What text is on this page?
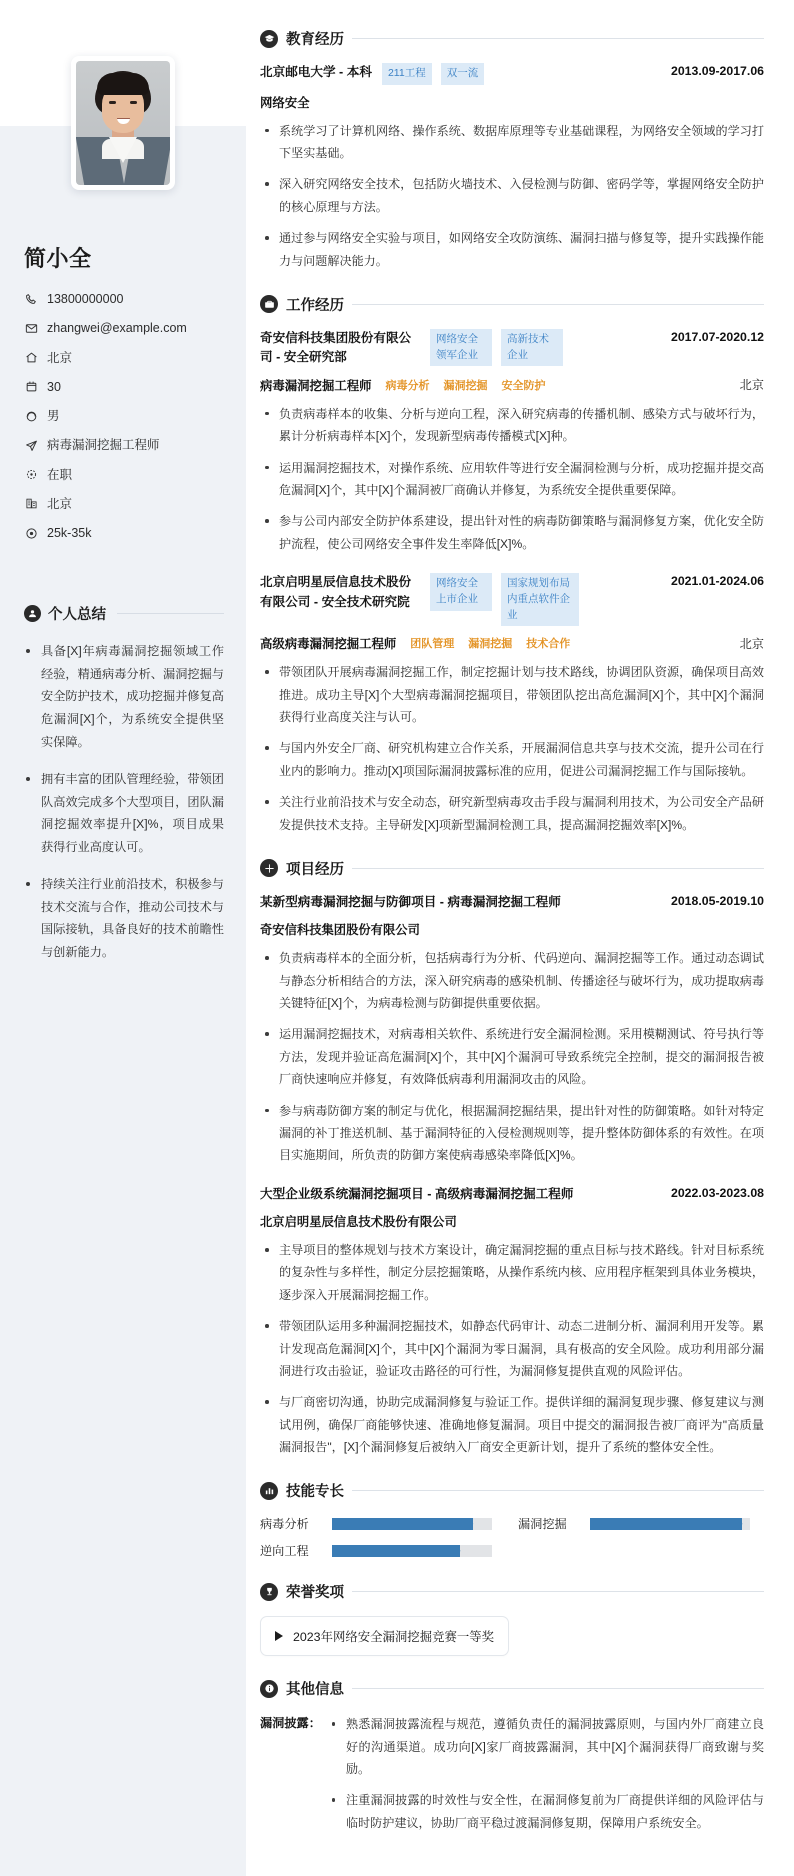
简小全
13800000000
zhangwei@example.com
北京
30
男
病毒漏洞挖掘工程师
在职
北京
25k-35k
个人总结
具备[X]年病毒漏洞挖掘领域工作经验，精通病毒分析、漏洞挖掘与安全防护技术，成功挖掘并修复高危漏洞[X]个，为系统安全提供坚实保障。
拥有丰富的团队管理经验，带领团队高效完成多个大型项目，团队漏洞挖掘效率提升[X]%，项目成果获得行业高度认可。
持续关注行业前沿技术，积极参与技术交流与合作，推动公司技术与国际接轨，具备良好的技术前瞻性与创新能力。
教育经历
北京邮电大学 - 本科	211工程	双一流	2013.09-2017.06
网络安全
系统学习了计算机网络、操作系统、数据库原理等专业基础课程，为网络安全领域的学习打下坚实基础。
深入研究网络安全技术，包括防火墙技术、入侵检测与防御、密码学等，掌握网络安全防护的核心原理与方法。
通过参与网络安全实验与项目，如网络安全攻防演练、漏洞扫描与修复等，提升实践操作能力与问题解决能力。
工作经历
奇安信科技集团股份有限公司 - 安全研究部
网络安全领军企业
高新技术企业
2017.07-2020.12
病毒漏洞挖掘工程师 病毒分析 漏洞挖掘 安全防护	北京
负责病毒样本的收集、分析与逆向工程，深入研究病毒的传播机制、感染方式与破坏行为，累计分析病毒样本[X]个，发现新型病毒传播模式[X]种。
运用漏洞挖掘技术，对操作系统、应用软件等进行安全漏洞检测与分析，成功挖掘并提交高危漏洞[X]个，其中[X]个漏洞被厂商确认并修复，为系统安全提供重要保障。
参与公司内部安全防护体系建设，提出针对性的病毒防御策略与漏洞修复方案，优化安全防护流程，使公司网络安全事件发生率降低[X]%。
北京启明星辰信息技术股份有限公司 - 安全技术研究院
网络安全上市企业
国家规划布局内重点软件企业
2021.01-2024.06
高级病毒漏洞挖掘工程师 团队管理 漏洞挖掘 技术合作	北京
带领团队开展病毒漏洞挖掘工作，制定挖掘计划与技术路线，协调团队资源，确保项目高效推进。成功主导[X]个大型病毒漏洞挖掘项目，带领团队挖出高危漏洞[X]个，其中[X]个漏洞获得行业高度关注与认可。
与国内外安全厂商、研究机构建立合作关系，开展漏洞信息共享与技术交流，提升公司在行业内的影响力。推动[X]项国际漏洞披露标准的应用，促进公司漏洞挖掘工作与国际接轨。
关注行业前沿技术与安全动态，研究新型病毒攻击手段与漏洞利用技术，为公司安全产品研发提供技术支持。主导研发[X]项新型漏洞检测工具，提高漏洞挖掘效率[X]%。
项目经历
某新型病毒漏洞挖掘与防御项目 - 病毒漏洞挖掘工程师	2018.05-2019.10
奇安信科技集团股份有限公司
负责病毒样本的全面分析，包括病毒行为分析、代码逆向、漏洞挖掘等工作。通过动态调试与静态分析相结合的方法，深入研究病毒的感染机制、传播途径与破坏行为，成功提取病毒关键特征[X]个，为病毒检测与防御提供重要依据。
运用漏洞挖掘技术，对病毒相关软件、系统进行安全漏洞检测。采用模糊测试、符号执行等方法，发现并验证高危漏洞[X]个，其中[X]个漏洞可导致系统完全控制，提交的漏洞报告被厂商快速响应并修复，有效降低病毒利用漏洞攻击的风险。
参与病毒防御方案的制定与优化，根据漏洞挖掘结果，提出针对性的防御策略。如针对特定漏洞的补丁推送机制、基于漏洞特征的入侵检测规则等，提升整体防御体系的有效性。在项目实施期间，所负责的防御方案使病毒感染率降低[X]%。
大型企业级系统漏洞挖掘项目 - 高级病毒漏洞挖掘工程师	2022.03-2023.08
北京启明星辰信息技术股份有限公司
主导项目的整体规划与技术方案设计，确定漏洞挖掘的重点目标与技术路线。针对目标系统的复杂性与多样性，制定分层挖掘策略，从操作系统内核、应用程序框架到具体业务模块，逐步深入开展漏洞挖掘工作。
带领团队运用多种漏洞挖掘技术，如静态代码审计、动态二进制分析、漏洞利用开发等。累计发现高危漏洞[X]个，其中[X]个漏洞为零日漏洞，具有极高的安全风险。成功利用部分漏洞进行攻击验证，验证攻击路径的可行性，为漏洞修复提供直观的风险评估。
与厂商密切沟通，协助完成漏洞修复与验证工作。提供详细的漏洞复现步骤、修复建议与测试用例，确保厂商能够快速、准确地修复漏洞。项目中提交的漏洞报告被厂商评为"高质量漏洞报告"，[X]个漏洞修复后被纳入厂商安全更新计划，提升了系统的整体安全性。
技能专长
病毒分析	漏洞挖掘
逆向工程
荣誉奖项
2023年网络安全漏洞挖掘竞赛一等奖
其他信息
漏洞披露：	熟悉漏洞披露流程与规范，遵循负责任的漏洞披露原则，与国内外厂商建立良好的沟通渠道。成功向[X]家厂商披露漏洞，其中[X]个漏洞获得厂商致谢与奖励。
注重漏洞披露的时效性与安全性，在漏洞修复前为厂商提供详细的风险评估与临时防护建议，协助厂商平稳过渡漏洞修复期，保障用户系统安全。
